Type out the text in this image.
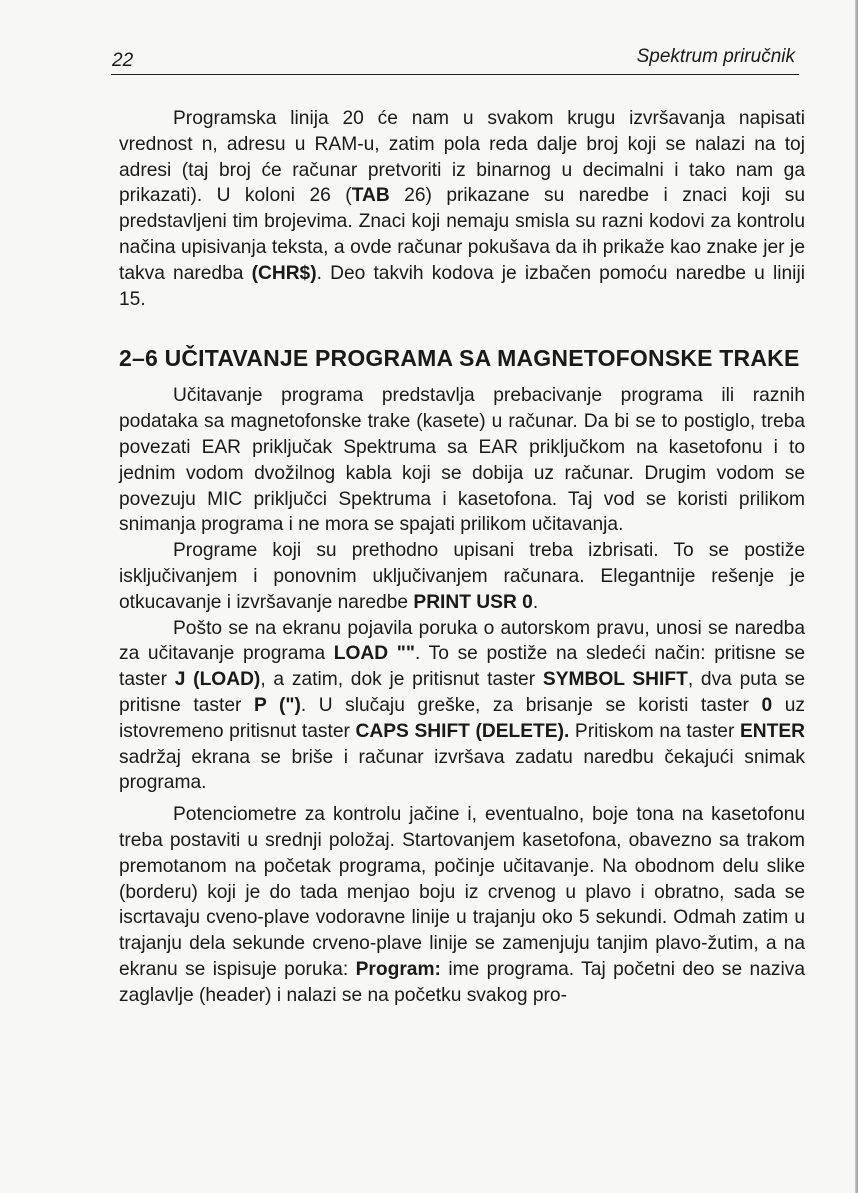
22	Spektrum priručnik

Programska linija 20 će nam u svakom krugu izvršavanja napisati vrednost n, adresu u RAM-u, zatim pola reda dalje broj koji se nalazi na toj adresi (taj broj će računar pretvoriti iz binarnog u decimalni i tako nam ga prikazati). U koloni 26 (TAB 26) prikazane su naredbe i znaci koji su predstavljeni tim brojevima. Znaci koji nemaju smisla su razni kodovi za kontrolu načina upisivanja teksta, a ovde računar pokušava da ih prikaže kao znake jer je takva naredba (CHR$). Deo takvih kodova je izbačen pomoću naredbe u liniji 15.

2–6 UČITAVANJE PROGRAMA SA MAGNETOFONSKE TRAKE

Učitavanje programa predstavlja prebacivanje programa ili raznih podataka sa magnetofonske trake (kasete) u računar. Da bi se to postiglo, treba povezati EAR priključak Spektruma sa EAR priključkom na kasetofonu i to jednim vodom dvožilnog kabla koji se dobija uz računar. Drugim vodom se povezuju MIC priključci Spektruma i kasetofona. Taj vod se koristi prilikom snimanja programa i ne mora se spajati prilikom učitavanja.

Programe koji su prethodno upisani treba izbrisati. To se postiže isključivanjem i ponovnim uključivanjem računara. Elegantnije rešenje je otkucavanje i izvršavanje naredbe PRINT USR 0.

Pošto se na ekranu pojavila poruka o autorskom pravu, unosi se naredba za učitavanje programa LOAD "". To se postiže na sledeći način: pritisne se taster J (LOAD), a zatim, dok je pritisnut taster SYMBOL SHIFT, dva puta se pritisne taster P ("). U slučaju greške, za brisanje se koristi taster 0 uz istovremeno pritisnut taster CAPS SHIFT (DELETE). Pritiskom na taster ENTER sadržaj ekrana se briše i računar izvršava zadatu naredbu čekajući snimak programa.

Potenciometre za kontrolu jačine i, eventualno, boje tona na kasetofonu treba postaviti u srednji položaj. Startovanjem kasetofona, obavezno sa trakom premotanom na početak programa, počinje učitavanje. Na obodnom delu slike (borderu) koji je do tada menjao boju iz crvenog u plavo i obratno, sada se iscrtavaju cveno-plave vodoravne linije u trajanju oko 5 sekundi. Odmah zatim u trajanju dela sekunde crveno-plave linije se zamenjuju tanjim plavo-žutim, a na ekranu se ispisuje poruka: Program: ime programa. Taj početni deo se naziva zaglavlje (header) i nalazi se na početku svakog pro-
